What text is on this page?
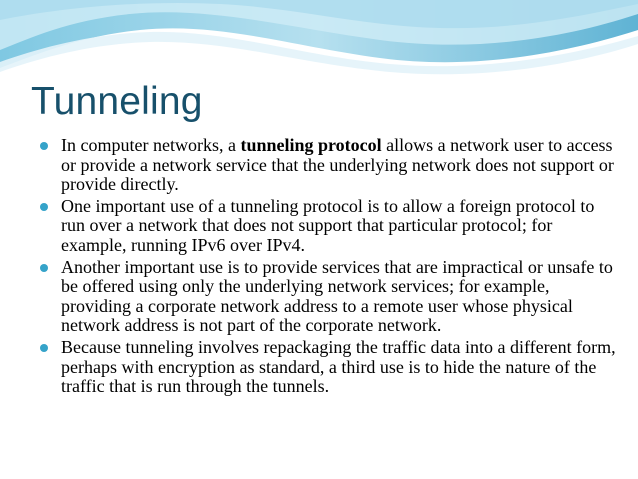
Tunneling
In computer networks, a tunneling protocol allows a network user to access or provide a network service that the underlying network does not support or provide directly.
One important use of a tunneling protocol is to allow a foreign protocol to run over a network that does not support that particular protocol; for example, running IPv6 over IPv4.
Another important use is to provide services that are impractical or unsafe to be offered using only the underlying network services; for example, providing a corporate network address to a remote user whose physical network address is not part of the corporate network.
Because tunneling involves repackaging the traffic data into a different form, perhaps with encryption as standard, a third use is to hide the nature of the traffic that is run through the tunnels.
